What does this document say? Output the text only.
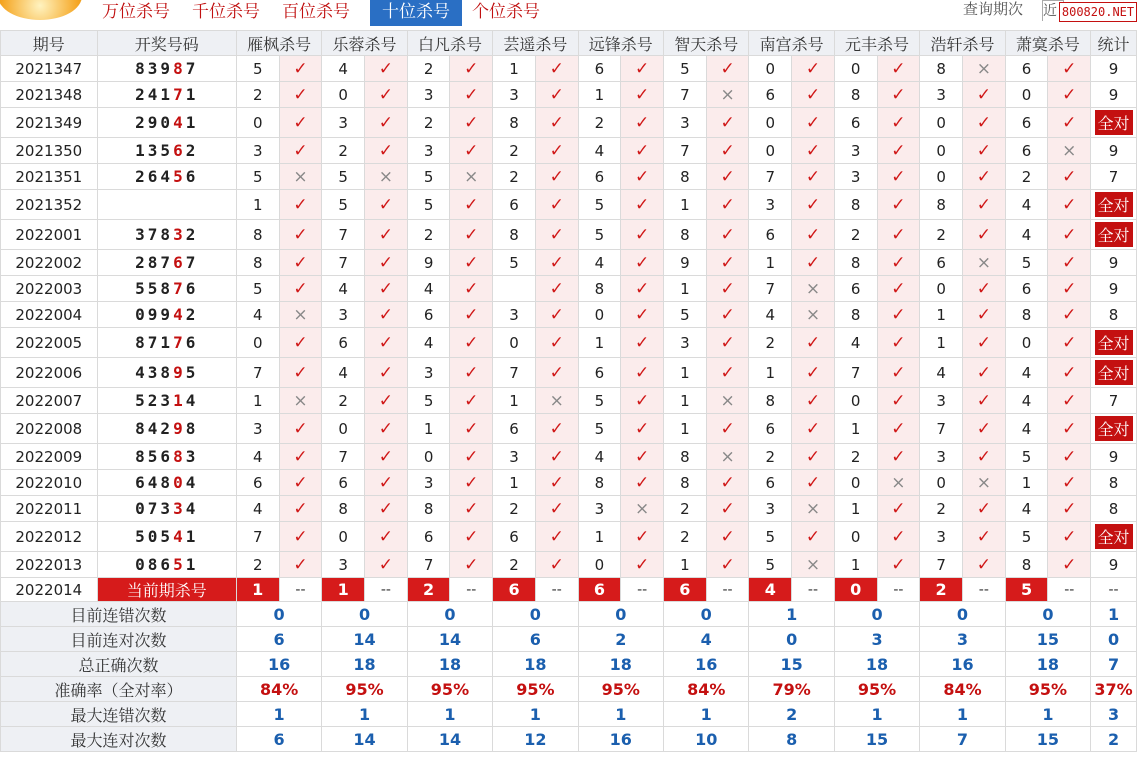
万位杀号	千位杀号	百位杀号	十位杀号	个位杀号	查询期次 近 800820.NET
期号	开奖号码	雁枫杀号		乐蓉杀号		白凡杀号		芸遥杀号		远锋杀号		智天杀号		南宫杀号		元丰杀号		浩轩杀号		萧寞杀号		统计
2021347	83987	5	✓	4	✓	2	✓	1	✓	6	✓	5	✓	0	✓	0	✓	8	×	6	✓	9
2021348	24171	2	✓	0	✓	3	✓	3	✓	1	✓	7	×	6	✓	8	✓	3	✓	0	✓	9
2021349	29041	0	✓	3	✓	2	✓	8	✓	2	✓	3	✓	0	✓	6	✓	0	✓	6	✓	全对
2021350	13562	3	✓	2	✓	3	✓	2	✓	4	✓	7	✓	0	✓	3	✓	0	✓	6	×	9
2021351	26456	5	×	5	×	5	×	2	✓	6	✓	8	✓	7	✓	3	✓	0	✓	2	✓	7
2021352		1	✓	5	✓	5	✓	6	✓	5	✓	1	✓	3	✓	8	✓	8	✓	4	✓	全对
2022001	37832	8	✓	7	✓	2	✓	8	✓	5	✓	8	✓	6	✓	2	✓	2	✓	4	✓	全对
2022002	28767	8	✓	7	✓	9	✓	5	✓	4	✓	9	✓	1	✓	8	✓	6	×	5	✓	9
2022003	55876	5	✓	4	✓	4	✓		✓	8	✓	1	✓	7	×	6	✓	0	✓	6	✓	9
2022004	09942	4	×	3	✓	6	✓	3	✓	0	✓	5	✓	4	×	8	✓	1	✓	8	✓	8
2022005	87176	0	✓	6	✓	4	✓	0	✓	1	✓	3	✓	2	✓	4	✓	1	✓	0	✓	全对
2022006	43895	7	✓	4	✓	3	✓	7	✓	6	✓	1	✓	1	✓	7	✓	4	✓	4	✓	全对
2022007	52314	1	×	2	✓	5	✓	1	×	5	✓	1	×	8	✓	0	✓	3	✓	4	✓	7
2022008	84298	3	✓	0	✓	1	✓	6	✓	5	✓	1	✓	6	✓	1	✓	7	✓	4	✓	全对
2022009	85683	4	✓	7	✓	0	✓	3	✓	4	✓	8	×	2	✓	2	✓	3	✓	5	✓	9
2022010	64804	6	✓	6	✓	3	✓	1	✓	8	✓	8	✓	6	✓	0	×	0	×	1	✓	8
2022011	07334	4	✓	8	✓	8	✓	2	✓	3	×	2	✓	3	×	1	✓	2	✓	4	✓	8
2022012	50541	7	✓	0	✓	6	✓	6	✓	1	✓	2	✓	5	✓	0	✓	3	✓	5	✓	全对
2022013	08651	2	✓	3	✓	7	✓	2	✓	0	✓	1	✓	5	×	1	✓	7	✓	8	✓	9
2022014	当前期杀号	1	--	1	--	2	--	6	--	6	--	6	--	4	--	0	--	2	--	5	--	--
目前连错次数		0		0		0		0		0		0		1		0		0		0		1
目前连对次数		6		14		14		6		2		4		0		3		3		15		0
总正确次数		16		18		18		18		18		16		15		18		16		18		7
准确率（全对率）		84%		95%		95%		95%		95%		84%		79%		95%		84%		95%		37%
最大连错次数		1		1		1		1		1		1		2		1		1		1		3
最大连对次数		6		14		14		12		16		10		8		15		7		15		2
